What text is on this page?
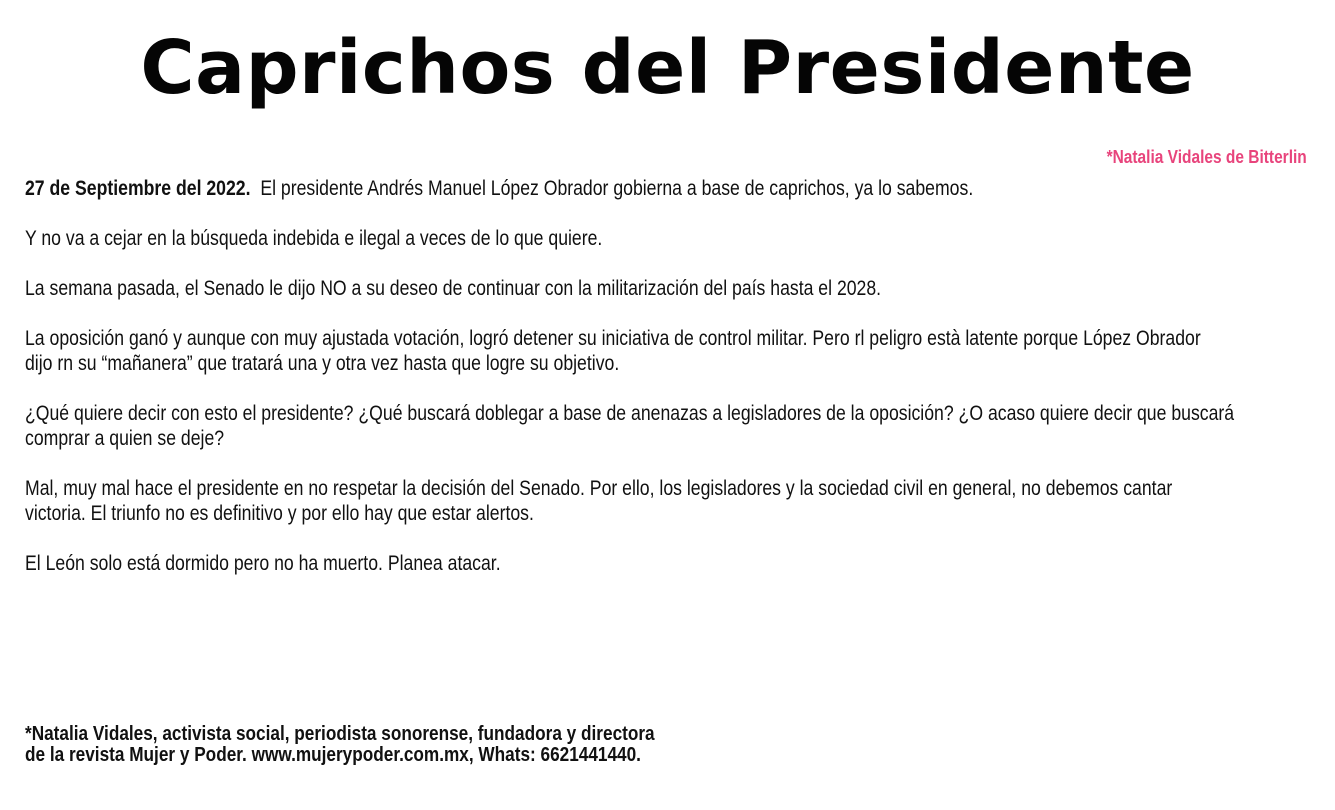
Caprichos del Presidente
*Natalia Vidales de Bitterlin

27 de Septiembre del 2022. El presidente Andrés Manuel López Obrador gobierna a base de caprichos, ya lo sabemos.

Y no va a cejar en la búsqueda indebida e ilegal a veces de lo que quiere.

La semana pasada, el Senado le dijo NO a su deseo de continuar con la militarización del país hasta el 2028.

La oposición ganó y aunque con muy ajustada votación, logró detener su iniciativa de control militar. Pero rl peligro està latente porque López Obrador
dijo rn su “mañanera” que tratará una y otra vez hasta que logre su objetivo.

¿Qué quiere decir con esto el presidente? ¿Qué buscará doblegar a base de anenazas a legisladores de la oposición? ¿O acaso quiere decir que buscará
comprar a quien se deje?

Mal, muy mal hace el presidente en no respetar la decisión del Senado. Por ello, los legisladores y la sociedad civil en general, no debemos cantar
victoria. El triunfo no es definitivo y por ello hay que estar alertos.

El León solo está dormido pero no ha muerto. Planea atacar.

*Natalia Vidales, activista social, periodista sonorense, fundadora y directora
de la revista Mujer y Poder. www.mujerypoder.com.mx, Whats: 6621441440.
